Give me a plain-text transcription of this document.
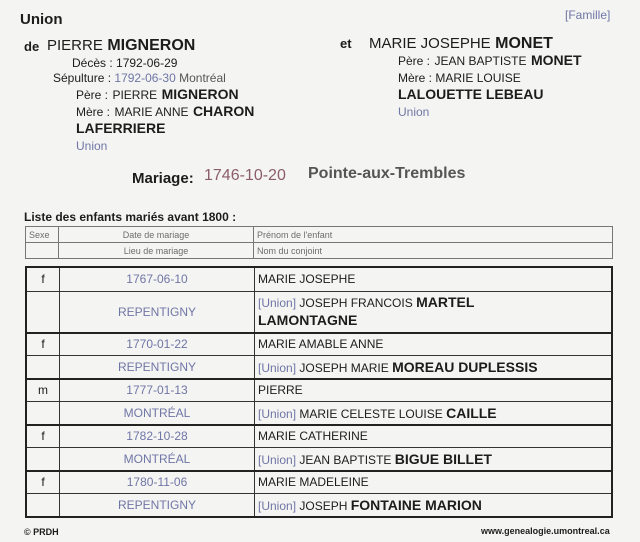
Union	[Famille]
de PIERRE MIGNERON
Décès : 1792-06-29
Sépulture : 1792-06-30 Montréal
Père : PIERRE MIGNERON
Mère : MARIE ANNE CHARON
LAFERRIERE
Union
et MARIE JOSEPHE MONET
Père : JEAN BAPTISTE MONET
Mère : MARIE LOUISE
LALOUETTE LEBEAU
Union
Mariage: 1746-10-20 Pointe-aux-Trembles
Liste des enfants mariés avant 1800 :
Sexe	Date de mariage	Prénom de l'enfant
	Lieu de mariage	Nom du conjoint
f	1767-06-10	MARIE JOSEPHE
	REPENTIGNY	[Union] JOSEPH FRANCOIS MARTEL
LAMONTAGNE
f	1770-01-22	MARIE AMABLE ANNE
	REPENTIGNY	[Union] JOSEPH MARIE MOREAU DUPLESSIS
m	1777-01-13	PIERRE
	MONTRÉAL	[Union] MARIE CELESTE LOUISE CAILLE
f	1782-10-28	MARIE CATHERINE
	MONTRÉAL	[Union] JEAN BAPTISTE BIGUE BILLET
f	1780-11-06	MARIE MADELEINE
	REPENTIGNY	[Union] JOSEPH FONTAINE MARION
© PRDH	www.genealogie.umontreal.ca
